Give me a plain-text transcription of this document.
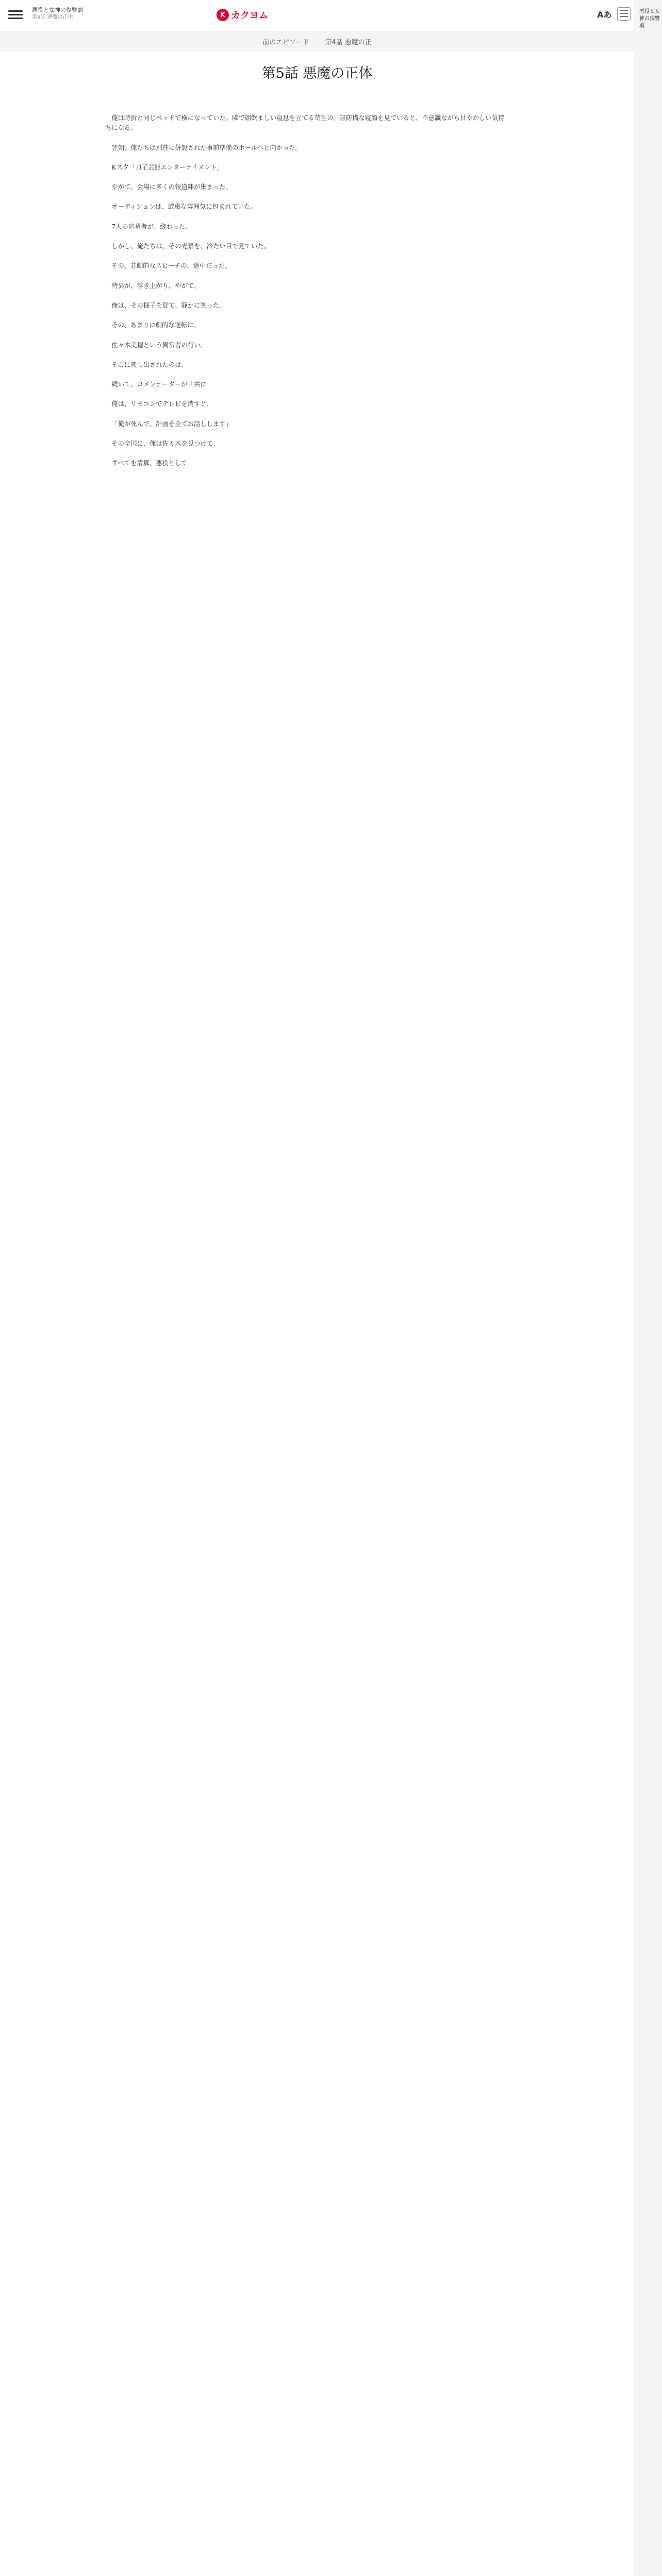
悪役と女神の復讐劇
第5話 悪魔の正体	K カクヨム	Aあ
前のエピソード 第4話 悪魔の正
第5話 悪魔の正体

俺は時折と同じベッドで横になっていた。隣で朝飲ましい寝息を立てる苛生の。無防備な寝顔を見ていると、不意識ながら甘やかしい気持ちになる。

翌朝、俺たちは別荘に併設された事前準備のホールへと向かった。

Kスタ「刀子芸能エンターテイメント」

やがて、会場に多くの報道陣が集まった。

オーディションは、厳粛な雰囲気に包まれていた。

7人の応募者が、終わった。

しかし、俺たちは、その光景を、冷たい目で見ていた。

その、悲劇的なスピーチの、途中だった。

特異が、浮き上がり、やがて、

俺は、その様子を見て、静かに笑った。

その、あまりに劇的な逆転に、

佐々木美穂という異常者の行い、

そこに映し出されたのは、

続いて、コメンテーターが「共に

俺は、リモコンでテレビを消すと、

「俺が死んで、計画を全てお話しします」

その全国に、俺は佐々木を見つけて、

すべてを清算、悪役として

悪役と女神の復讐劇
